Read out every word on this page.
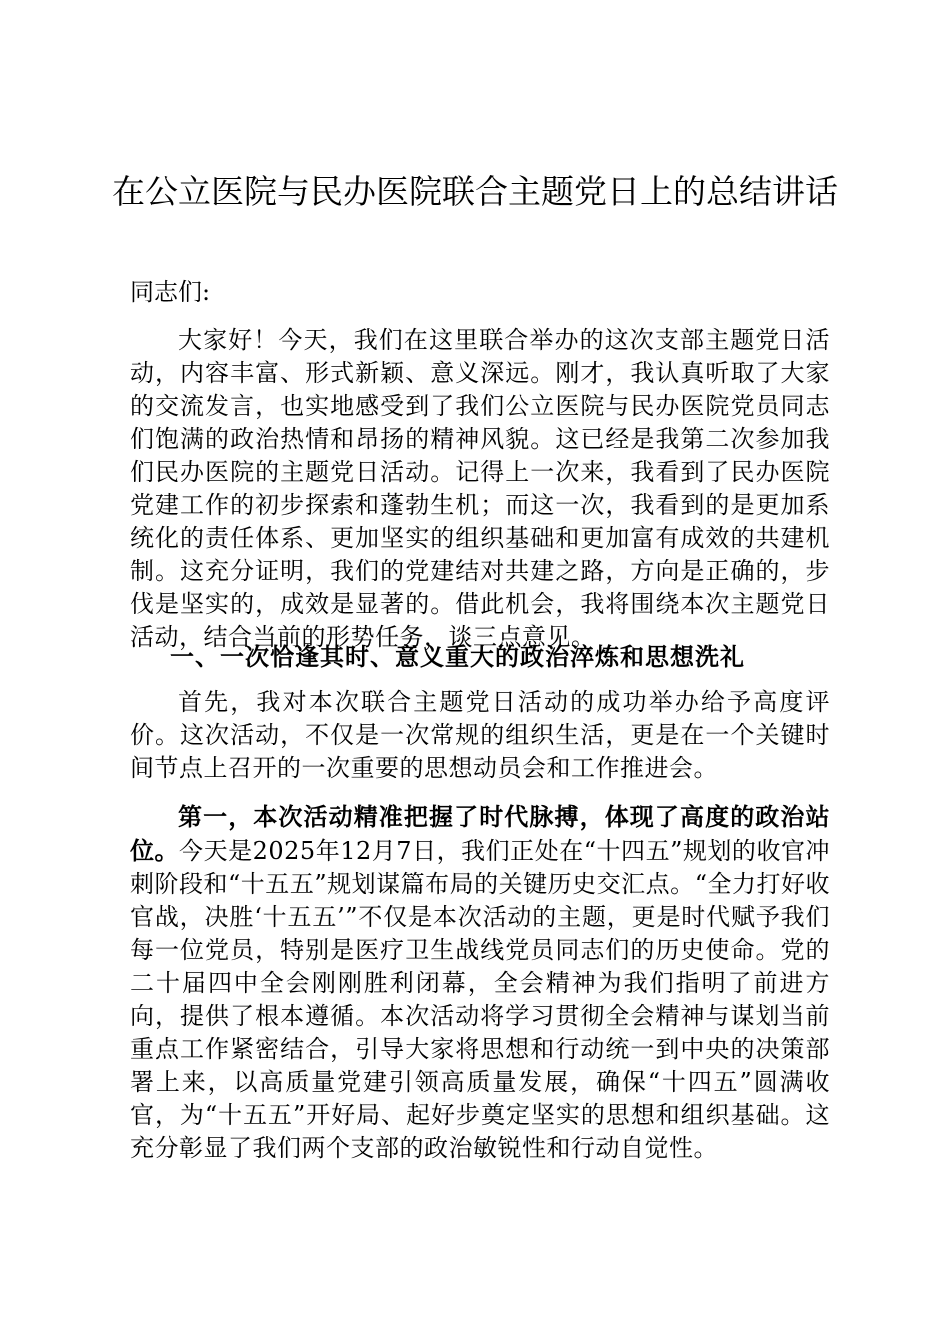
在公立医院与民办医院联合主题党日上的总结讲话

同志们:

大家好！今天，我们在这里联合举办的这次支部主题党日活动，内容丰富、形式新颖、意义深远。刚才，我认真听取了大家的交流发言，也实地感受到了我们公立医院与民办医院党员同志们饱满的政治热情和昂扬的精神风貌。这已经是我第二次参加我们民办医院的主题党日活动。记得上一次来，我看到了民办医院党建工作的初步探索和蓬勃生机；而这一次，我看到的是更加系统化的责任体系、更加坚实的组织基础和更加富有成效的共建机制。这充分证明，我们的党建结对共建之路，方向是正确的，步伐是坚实的，成效是显著的。借此机会，我将围绕本次主题党日活动，结合当前的形势任务，谈三点意见。

一、一次恰逢其时、意义重大的政治淬炼和思想洗礼

首先，我对本次联合主题党日活动的成功举办给予高度评价。这次活动，不仅是一次常规的组织生活，更是在一个关键时间节点上召开的一次重要的思想动员会和工作推进会。

第一，本次活动精准把握了时代脉搏，体现了高度的政治站位。今天是2025年12月7日，我们正处在“十四五”规划的收官冲刺阶段和“十五五”规划谋篇布局的关键历史交汇点。“全力打好收官战，决胜‘十五五’”不仅是本次活动的主题，更是时代赋予我们每一位党员，特别是医疗卫生战线党员同志们的历史使命。党的二十届四中全会刚刚胜利闭幕，全会精神为我们指明了前进方向，提供了根本遵循。本次活动将学习贯彻全会精神与谋划当前重点工作紧密结合，引导大家将思想和行动统一到中央的决策部署上来，以高质量党建引领高质量发展，确保“十四五”圆满收官，为“十五五”开好局、起好步奠定坚实的思想和组织基础。这充分彰显了我们两个支部的政治敏锐性和行动自觉性。
